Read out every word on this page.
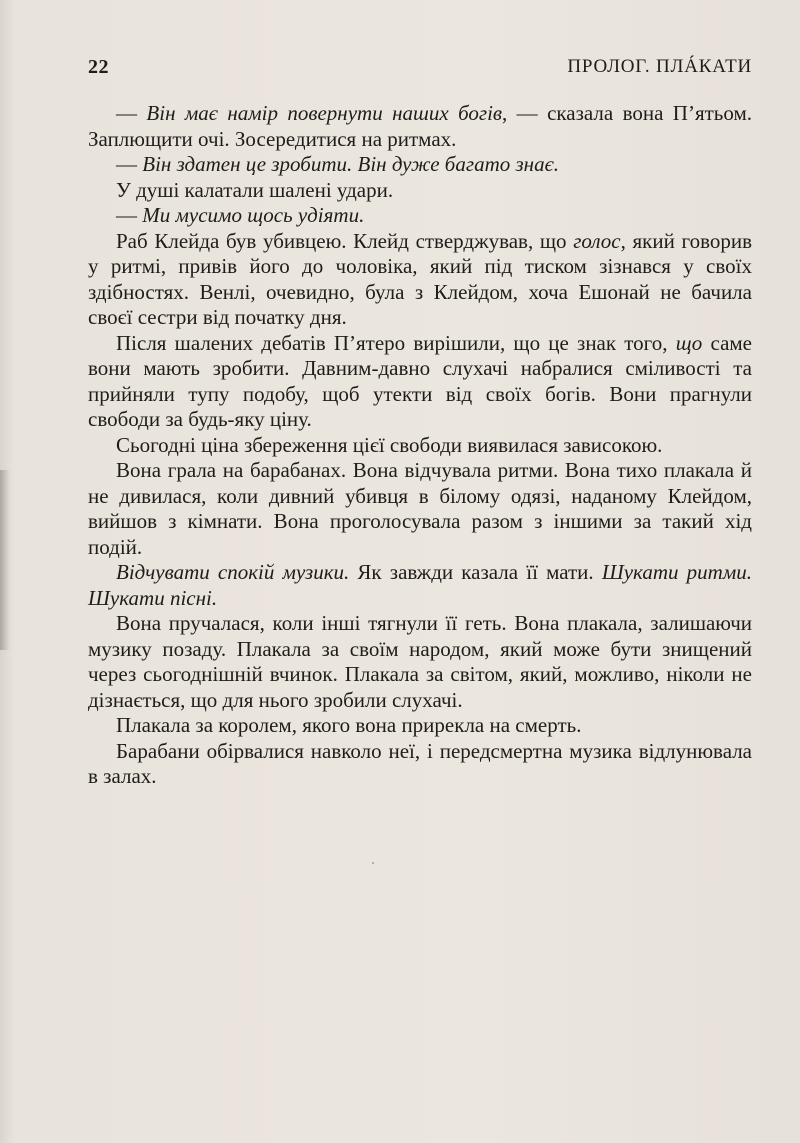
22	ПРОЛОГ. ПЛÁКАТИ

— Він має намір повернути наших богів, — сказала вона П’ятьом. Заплющити очі. Зосередитися на ритмах.

— Він здатен це зробити. Він дуже багато знає.

У душі калатали шалені удари.

— Ми мусимо щось удіяти.

Раб Клейда був убивцею. Клейд стверджував, що голос, який говорив у ритмі, привів його до чоловіка, який під тиском зізнався у своїх здібностях. Венлі, очевидно, була з Клейдом, хоча Ешонай не бачила своєї сестри від початку дня.

Після шалених дебатів П’ятеро вирішили, що це знак того, що саме вони мають зробити. Давним-давно слухачі набралися сміливості та прийняли тупу подобу, щоб утекти від своїх богів. Вони прагнули свободи за будь-яку ціну.

Сьогодні ціна збереження цієї свободи виявилася зависокою.

Вона грала на барабанах. Вона відчувала ритми. Вона тихо плакала й не дивилася, коли дивний убивця в білому одязі, наданому Клейдом, вийшов з кімнати. Вона проголосувала разом з іншими за такий хід подій.

Відчувати спокій музики. Як завжди казала її мати. Шукати ритми. Шукати пісні.

Вона пручалася, коли інші тягнули її геть. Вона плакала, залишаючи музику позаду. Плакала за своїм народом, який може бути знищений через сьогоднішній вчинок. Плакала за світом, який, можливо, ніколи не дізнається, що для нього зробили слухачі.

Плакала за королем, якого вона прирекла на смерть.

Барабани обірвалися навколо неї, і передсмертна музика відлунювала в залах.
